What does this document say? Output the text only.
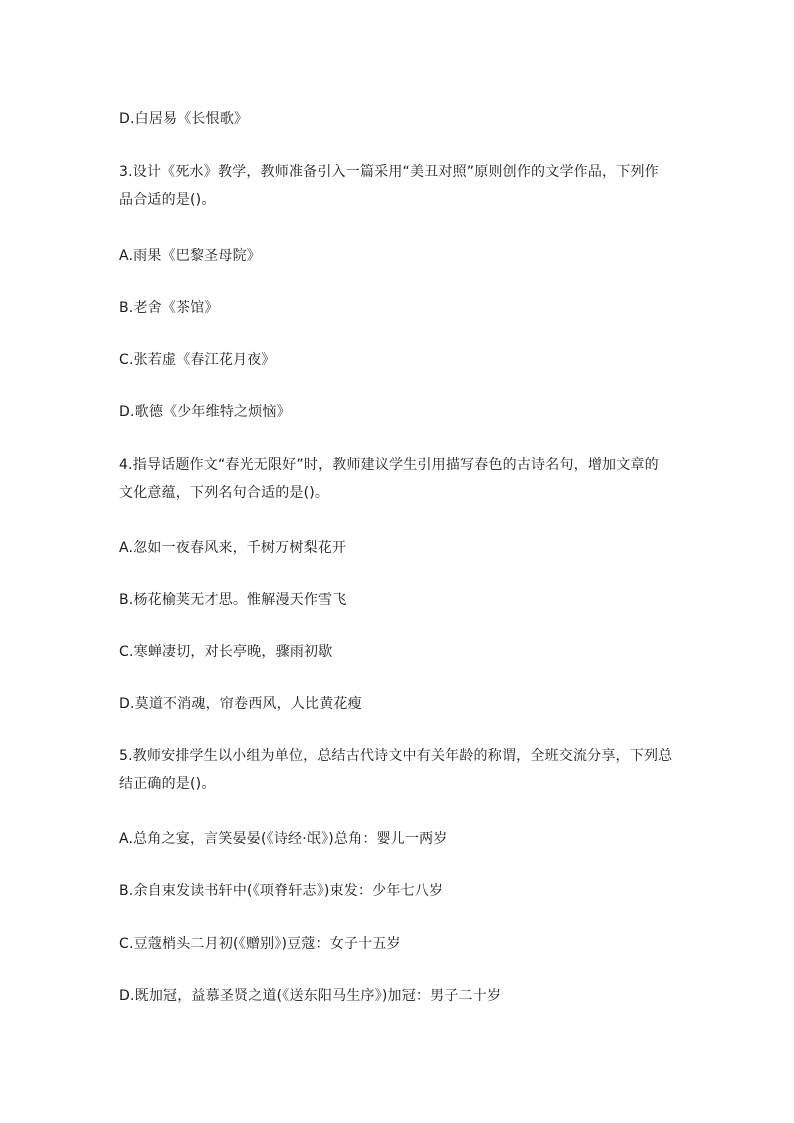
D.白居易《长恨歌》
3.设计《死水》教学，教师准备引入一篇采用“美丑对照”原则创作的文学作品，下列作
品合适的是()。
A.雨果《巴黎圣母院》
B.老舍《茶馆》
C.张若虚《春江花月夜》
D.歌德《少年维特之烦恼》
4.指导话题作文“春光无限好”时，教师建议学生引用描写春色的古诗名句，增加文章的
文化意蕴，下列名句合适的是()。
A.忽如一夜春风来，千树万树梨花开
B.杨花榆荚无才思。惟解漫天作雪飞
C.寒蝉凄切，对长亭晚，骤雨初歇
D.莫道不消魂，帘卷西风，人比黄花瘦
5.教师安排学生以小组为单位，总结古代诗文中有关年龄的称谓，全班交流分享，下列总
结正确的是()。
A.总角之宴，言笑晏晏(《诗经·氓》)总角：婴儿一两岁
B.余自束发读书轩中(《项脊轩志》)束发：少年七八岁
C.豆蔻梢头二月初(《赠别》)豆蔻：女子十五岁
D.既加冠，益慕圣贤之道(《送东阳马生序》)加冠：男子二十岁
